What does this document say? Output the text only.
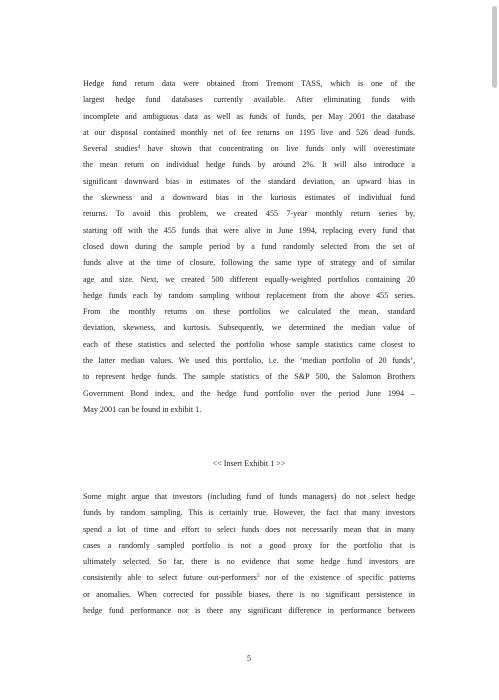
Hedge fund return data were obtained from Tremont TASS, which is one of the
largest hedge fund databases currently available. After eliminating funds with
incomplete and ambiguous data as well as funds of funds, per May 2001 the database
at our disposal contained monthly net of fee returns on 1195 live and 526 dead funds.
Several studies$^4$ have shown that concentrating on live funds only will overestimate
the mean return on individual hedge funds by around 2%. It will also introduce a
significant downward bias in estimates of the standard deviation, an upward bias in
the skewness and a downward bias in the kurtosis estimates of individual fund
returns. To avoid this problem, we created 455 7-year monthly return series by,
starting off with the 455 funds that were alive in June 1994, replacing every fund that
closed down during the sample period by a fund randomly selected from the set of
funds alive at the time of closure, following the same type of strategy and of similar
age and size. Next, we created 500 different equally-weighted portfolios containing 20
hedge funds each by random sampling without replacement from the above 455 series.
From the monthly returns on these portfolios we calculated the mean, standard
deviation, skewness, and kurtosis. Subsequently, we determined the median value of
each of these statistics and selected the portfolio whose sample statistics came closest to
the latter median values. We used this portfolio, i.e. the ‘median portfolio of 20 funds’,
to represent hedge funds. The sample statistics of the S&P 500, the Salomon Brothers
Government Bond index, and the hedge fund portfolio over the period June 1994 –
May 2001 can be found in exhibit 1.
<< Insert Exhibit 1 >>
Some might argue that investors (including fund of funds managers) do not select hedge
funds by random sampling. This is certainly true. However, the fact that many investors
spend a lot of time and effort to select funds does not necessarily mean that in many
cases a randomly sampled portfolio is not a good proxy for the portfolio that is
ultimately selected. So far, there is no evidence that some hedge fund investors are
consistently able to select future out-performers$^5$ nor of the existence of specific patterns
or anomalies. When corrected for possible biases, there is no significant persistence in
hedge fund performance nor is there any significant difference in performance between
5
